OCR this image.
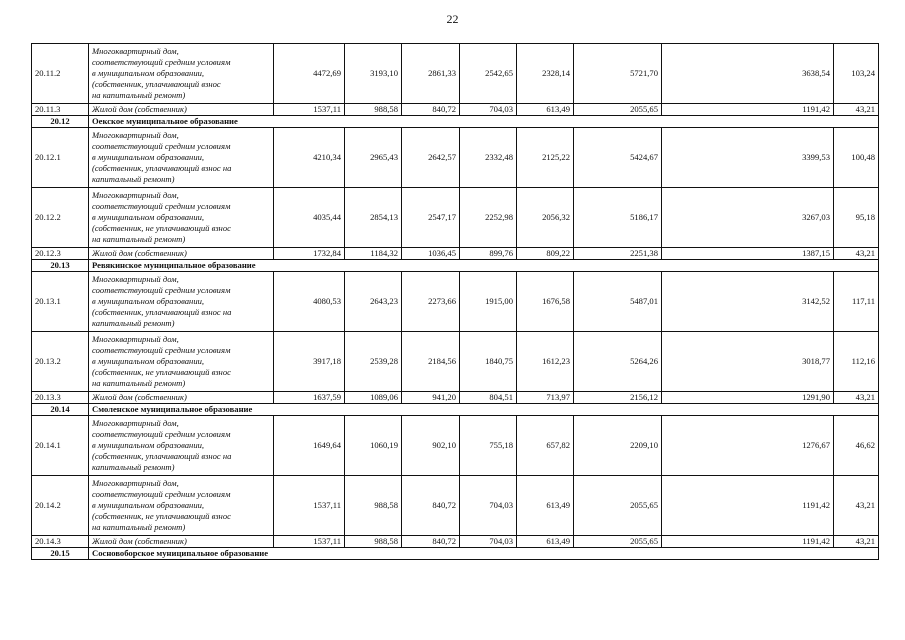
22
20.11.2	Многоквартирный дом,
соответствующий средним условиям
в муниципальном образовании,
(собственник, уплачивающий взнос
на капитальный ремонт)	4472,69	3193,10	2861,33	2542,65	2328,14	5721,70	3638,54	103,24
20.11.3	Жилой дом (собственник)	1537,11	988,58	840,72	704,03	613,49	2055,65	1191,42	43,21
20.12	Оекское муниципальное образование								
20.12.1	Многоквартирный дом,
соответствующий средним условиям
в муниципальном образовании,
(собственник, уплачивающий взнос на
капитальный ремонт)	4210,34	2965,43	2642,57	2332,48	2125,22	5424,67	3399,53	100,48
20.12.2	Многоквартирный дом,
соответствующий средним условиям
в муниципальном образовании,
(собственник, не уплачивающий взнос
на капитальный ремонт)	4035,44	2854,13	2547,17	2252,98	2056,32	5186,17	3267,03	95,18
20.12.3	Жилой дом (собственник)	1732,84	1184,32	1036,45	899,76	809,22	2251,38	1387,15	43,21
20.13	Ревякинское муниципальное образование								
20.13.1	Многоквартирный дом,
соответствующий средним условиям
в муниципальном образовании,
(собственник, уплачивающий взнос на
капитальный ремонт)	4080,53	2643,23	2273,66	1915,00	1676,58	5487,01	3142,52	117,11
20.13.2	Многоквартирный дом,
соответствующий средним условиям
в муниципальном образовании,
(собственник, не уплачивающий взнос
на капитальный ремонт)	3917,18	2539,28	2184,56	1840,75	1612,23	5264,26	3018,77	112,16
20.13.3	Жилой дом (собственник)	1637,59	1089,06	941,20	804,51	713,97	2156,12	1291,90	43,21
20.14	Смоленское муниципальное образование								
20.14.1	Многоквартирный дом,
соответствующий средним условиям
в муниципальном образовании,
(собственник, уплачивающий взнос на
капитальный ремонт)	1649,64	1060,19	902,10	755,18	657,82	2209,10	1276,67	46,62
20.14.2	Многоквартирный дом,
соответствующий средним условиям
в муниципальном образовании,
(собственник, не уплачивающий взнос
на капитальный ремонт)	1537,11	988,58	840,72	704,03	613,49	2055,65	1191,42	43,21
20.14.3	Жилой дом (собственник)	1537,11	988,58	840,72	704,03	613,49	2055,65	1191,42	43,21
20.15	Сосновоборское муниципальное образование								
